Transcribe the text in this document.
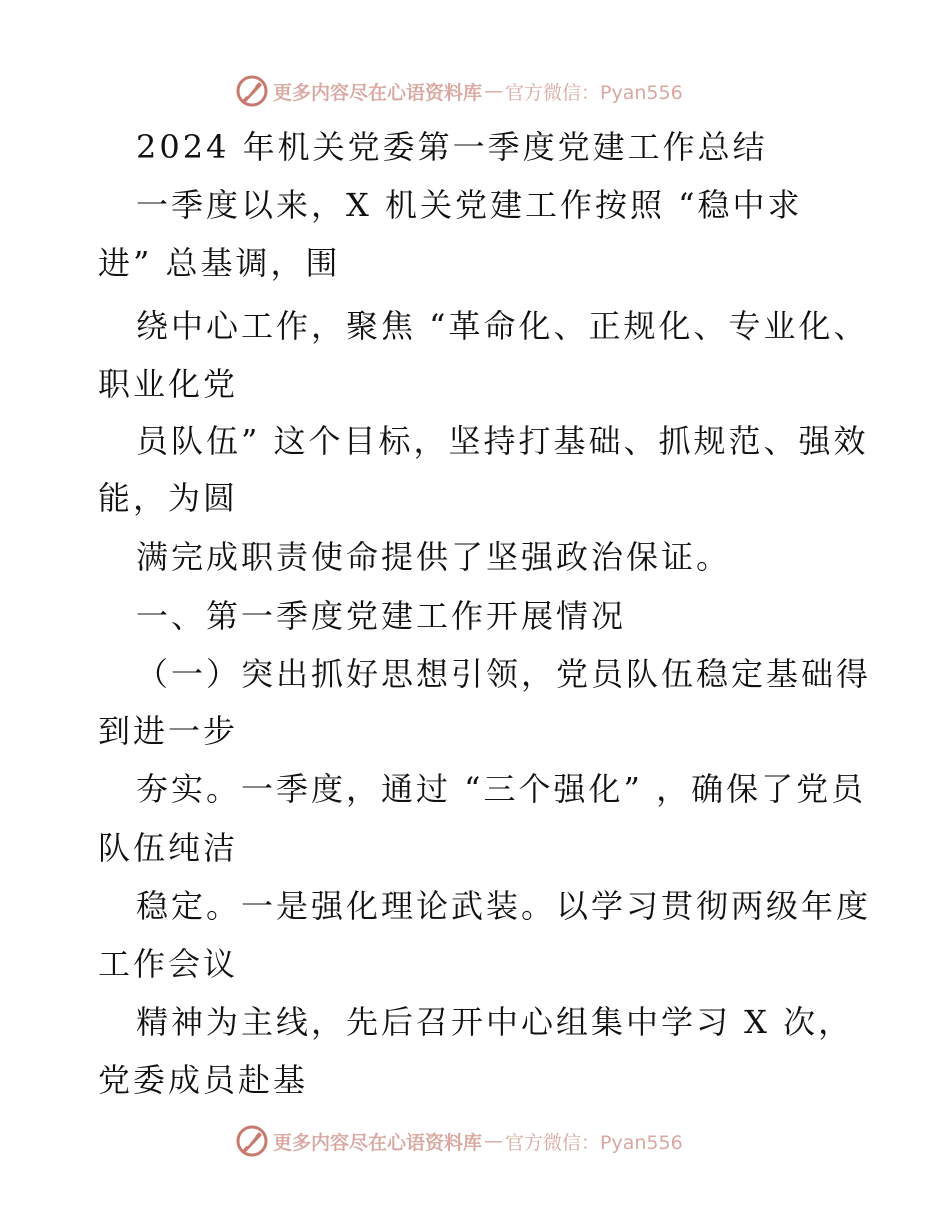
更多内容尽在心语资料库 — 官方微信：Pyan556
2024 年机关党委第一季度党建工作总结
一季度以来，X 机关党建工作按照 “稳中求
进” 总基调，围
绕中心工作，聚焦 “革命化、正规化、专业化、
职业化党
员队伍” 这个目标，坚持打基础、抓规范、强效
能，为圆
满完成职责使命提供了坚强政治保证。
一、第一季度党建工作开展情况
（一）突出抓好思想引领，党员队伍稳定基础得
到进一步
夯实。一季度，通过 “三个强化” ，确保了党员
队伍纯洁
稳定。一是强化理论武装。以学习贯彻两级年度
工作会议
精神为主线，先后召开中心组集中学习 X 次，
党委成员赴基
更多内容尽在心语资料库 — 官方微信：Pyan556
